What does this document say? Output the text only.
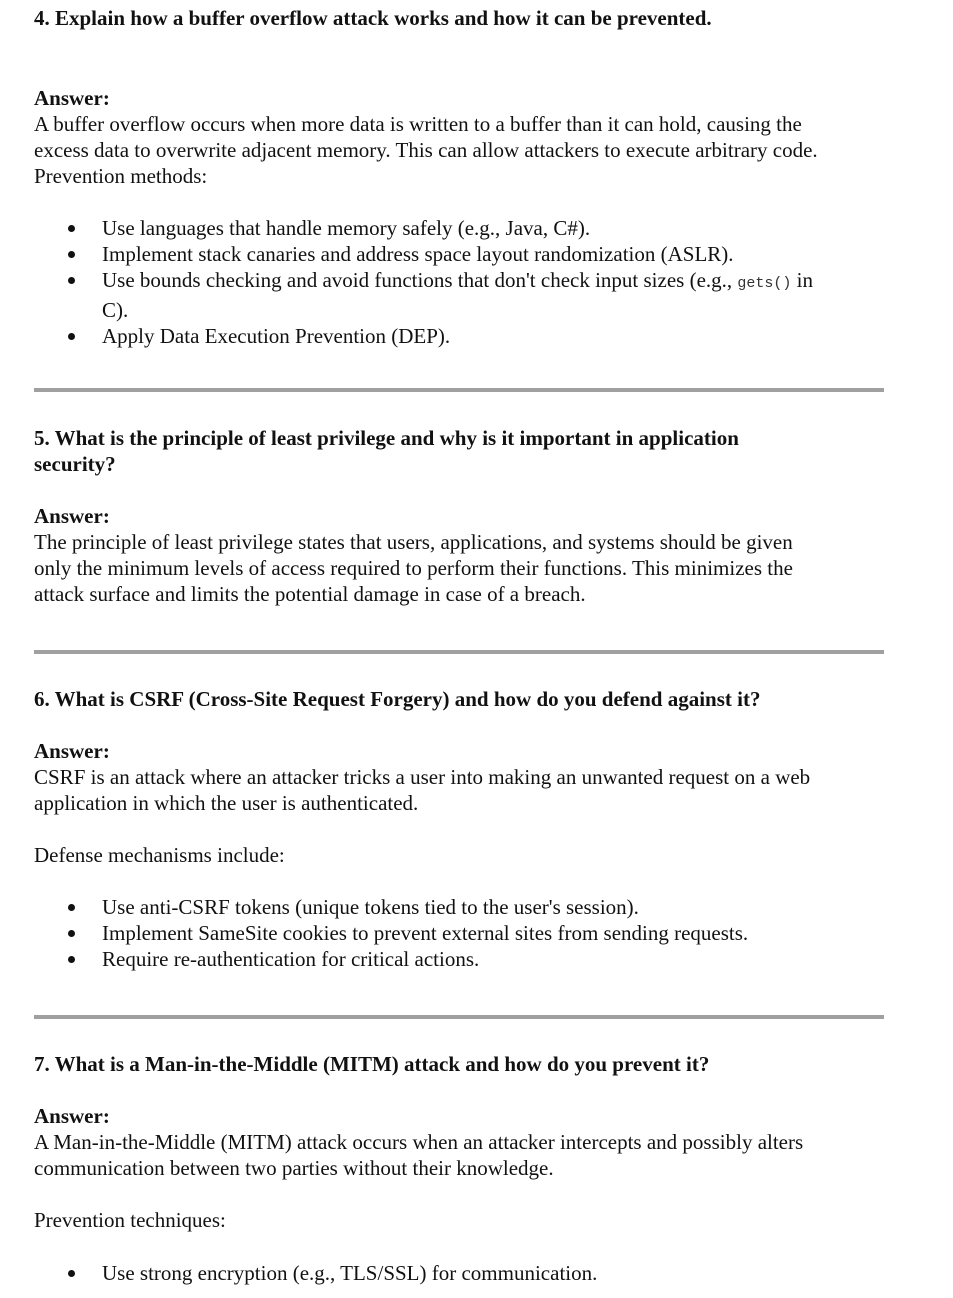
4. Explain how a buffer overflow attack works and how it can be prevented.

Answer:

A buffer overflow occurs when more data is written to a buffer than it can hold, causing the

excess data to overwrite adjacent memory. This can allow attackers to execute arbitrary code.

Prevention methods:

Use languages that handle memory safely (e.g., Java, C#).
Implement stack canaries and address space layout randomization (ASLR).
Use bounds checking and avoid functions that don't check input sizes (e.g., gets() in
C).
Apply Data Execution Prevention (DEP).

5. What is the principle of least privilege and why is it important in application

security?

Answer:

The principle of least privilege states that users, applications, and systems should be given

only the minimum levels of access required to perform their functions. This minimizes the

attack surface and limits the potential damage in case of a breach.

6. What is CSRF (Cross-Site Request Forgery) and how do you defend against it?

Answer:

CSRF is an attack where an attacker tricks a user into making an unwanted request on a web

application in which the user is authenticated.

Defense mechanisms include:

Use anti-CSRF tokens (unique tokens tied to the user's session).
Implement SameSite cookies to prevent external sites from sending requests.
Require re-authentication for critical actions.

7. What is a Man-in-the-Middle (MITM) attack and how do you prevent it?

Answer:

A Man-in-the-Middle (MITM) attack occurs when an attacker intercepts and possibly alters

communication between two parties without their knowledge.

Prevention techniques:

Use strong encryption (e.g., TLS/SSL) for communication.
